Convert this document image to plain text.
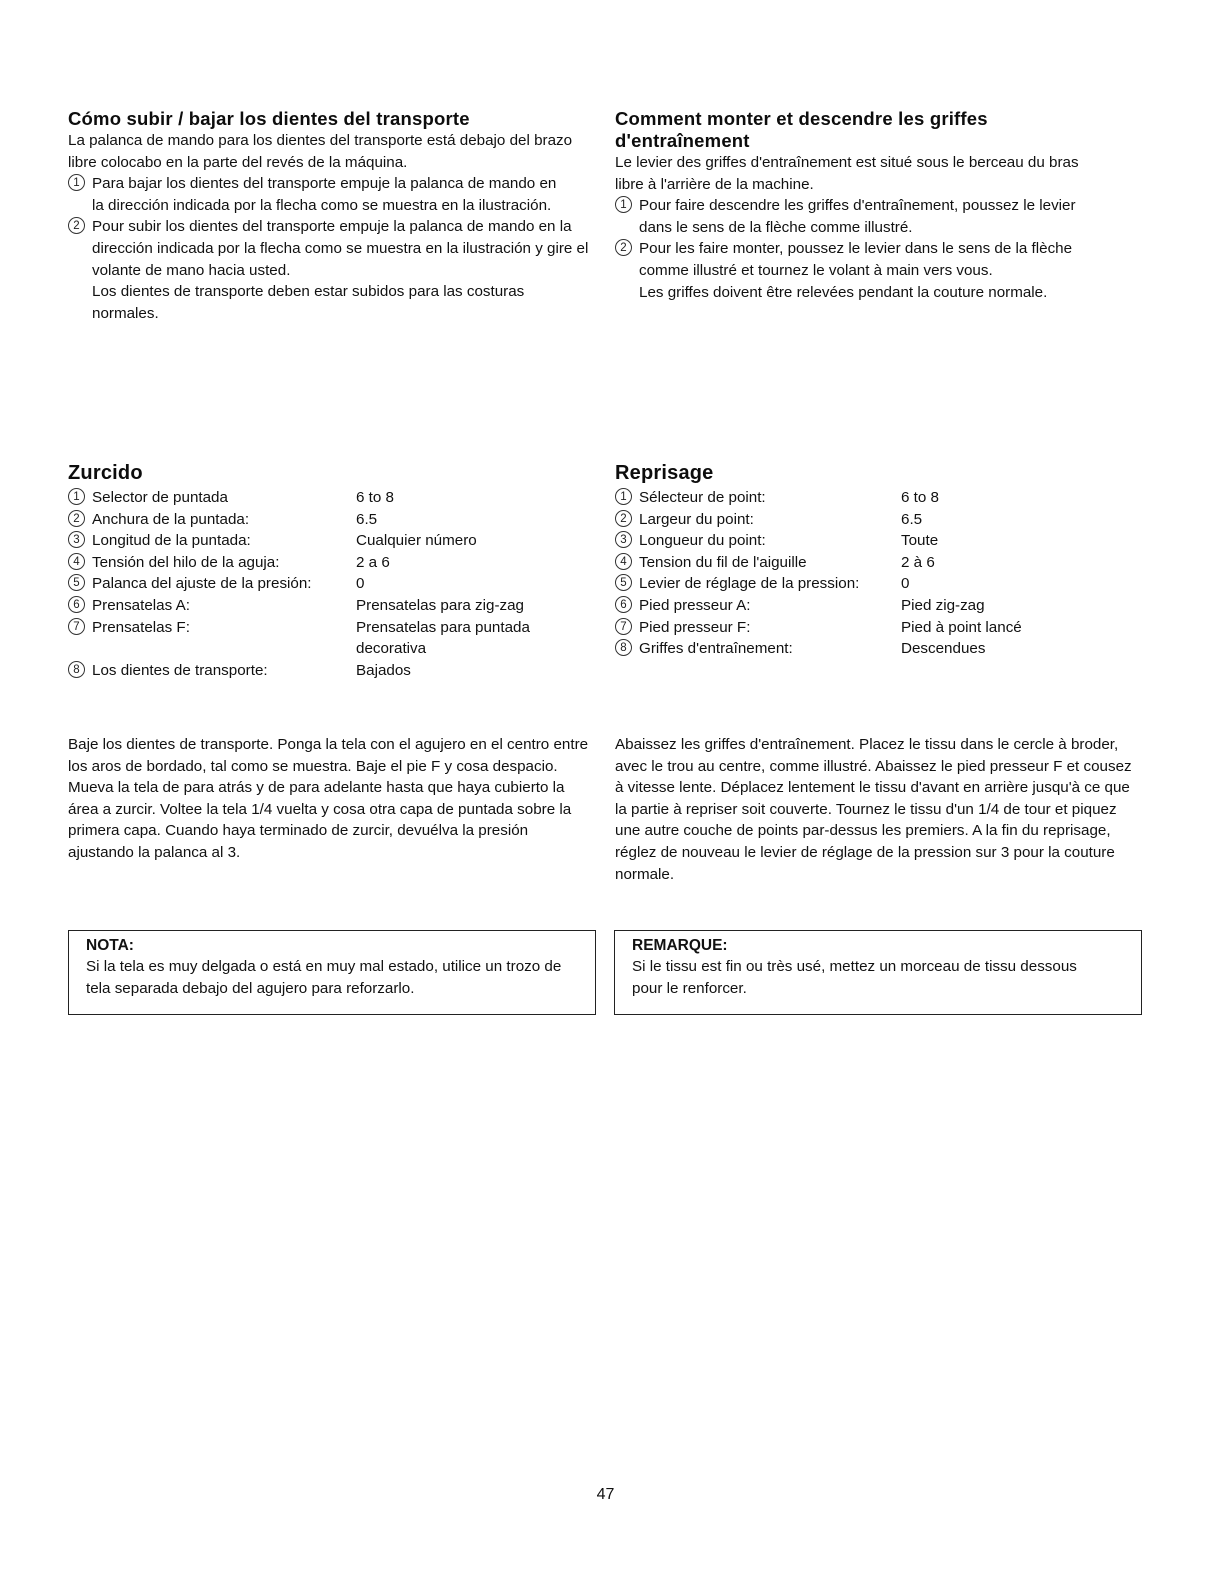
Cómo subir / bajar los dientes del transporte

La palanca de mando para los dientes del transporte está debajo del brazo libre colocabo en la parte del revés de la máquina.

1 Para bajar los dientes del transporte empuje la palanca de mando en la dirección indicada por la flecha como se muestra en la ilustración.

2 Pour subir los dientes del transporte empuje la palanca de mando en la dirección indicada por la flecha como se muestra en la ilustración y gire el volante de mano hacia usted.

Los dientes de transporte deben estar subidos para las costuras normales.

Comment monter et descendre les griffes d'entraînement

Le levier des griffes d'entraînement est situé sous le berceau du bras libre à l'arrière de la machine.

1 Pour faire descendre les griffes d'entraînement, poussez le levier dans le sens de la flèche comme illustré.

2 Pour les faire monter, poussez le levier dans le sens de la flèche comme illustré et tournez le volant à main vers vous.

Les griffes doivent être relevées pendant la couture normale.

Zurcido
1 Selector de puntada	6 to 8

2 Anchura de la puntada:	6.5

3 Longitud de la puntada:	Cualquier número

4 Tensión del hilo de la aguja:	2 a 6

5 Palanca del ajuste de la presión:	0

6 Prensatelas A:	Prensatelas para zig-zag

7 Prensatelas F:	Prensatelas para puntada decorativa

8 Los dientes de transporte:	Bajados
Reprisage
1 Sélecteur de point:	6 to 8

2 Largeur du point:	6.5

3 Longueur du point:	Toute

4 Tension du fil de l'aiguille	2 à 6

5 Levier de réglage de la pression:	0

6 Pied presseur A:	Pied zig-zag

7 Pied presseur F:	Pied à point lancé

8 Griffes d'entraînement:	Descendues

Baje los dientes de transporte. Ponga la tela con el agujero en el centro entre los aros de bordado, tal como se muestra. Baje el pie F y cosa despacio. Mueva la tela de para atrás y de para adelante hasta que haya cubierto la área a zurcir. Voltee la tela 1/4 vuelta y cosa otra capa de puntada sobre la primera capa. Cuando haya terminado de zurcir, devuélva la presión ajustando la palanca al 3.

Abaissez les griffes d'entraînement. Placez le tissu dans le cercle à broder, avec le trou au centre, comme illustré. Abaissez le pied presseur F et cousez à vitesse lente. Déplacez lentement le tissu d'avant en arrière jusqu'à ce que la partie à repriser soit couverte. Tournez le tissu d'un 1/4 de tour et piquez une autre couche de points par-dessus les premiers. A la fin du reprisage, réglez de nouveau le levier de réglage de la pression sur 3 pour la couture normale.

NOTA:

Si la tela es muy delgada o está en muy mal estado, utilice un trozo de tela separada debajo del agujero para reforzarlo.

REMARQUE:

Si le tissu est fin ou très usé, mettez un morceau de tissu dessous pour le renforcer.

47
